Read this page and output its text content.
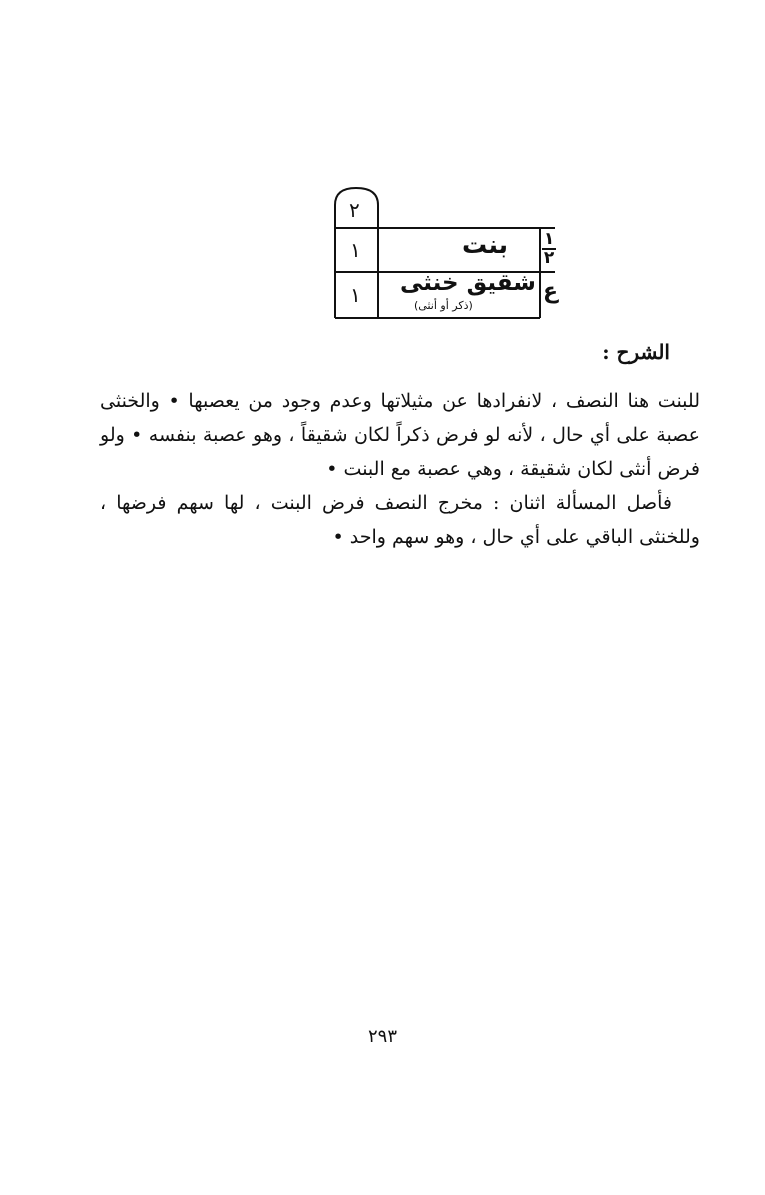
٢
١	بنت ١
٢
١ شقيق خنثى
(ذكر أو أنثى)
ع
الشرح :
للبنت هنا النصف ، لانفرادها عن مثيلاتها وعدم وجود من يعصبها • والخنثى عصبة على أي حال ، لأنه لو فرض ذكراً لكان شقيقاً ، وهو عصبة بنفسه • ولو فرض أنثى لكان شقيقة ، وهي عصبة مع البنت •
فأصل المسألة اثنان : مخرج النصف فرض البنت ، لها سهم فرضها ، وللخنثى الباقي على أي حال ، وهو سهم واحد •
٢٩٣
